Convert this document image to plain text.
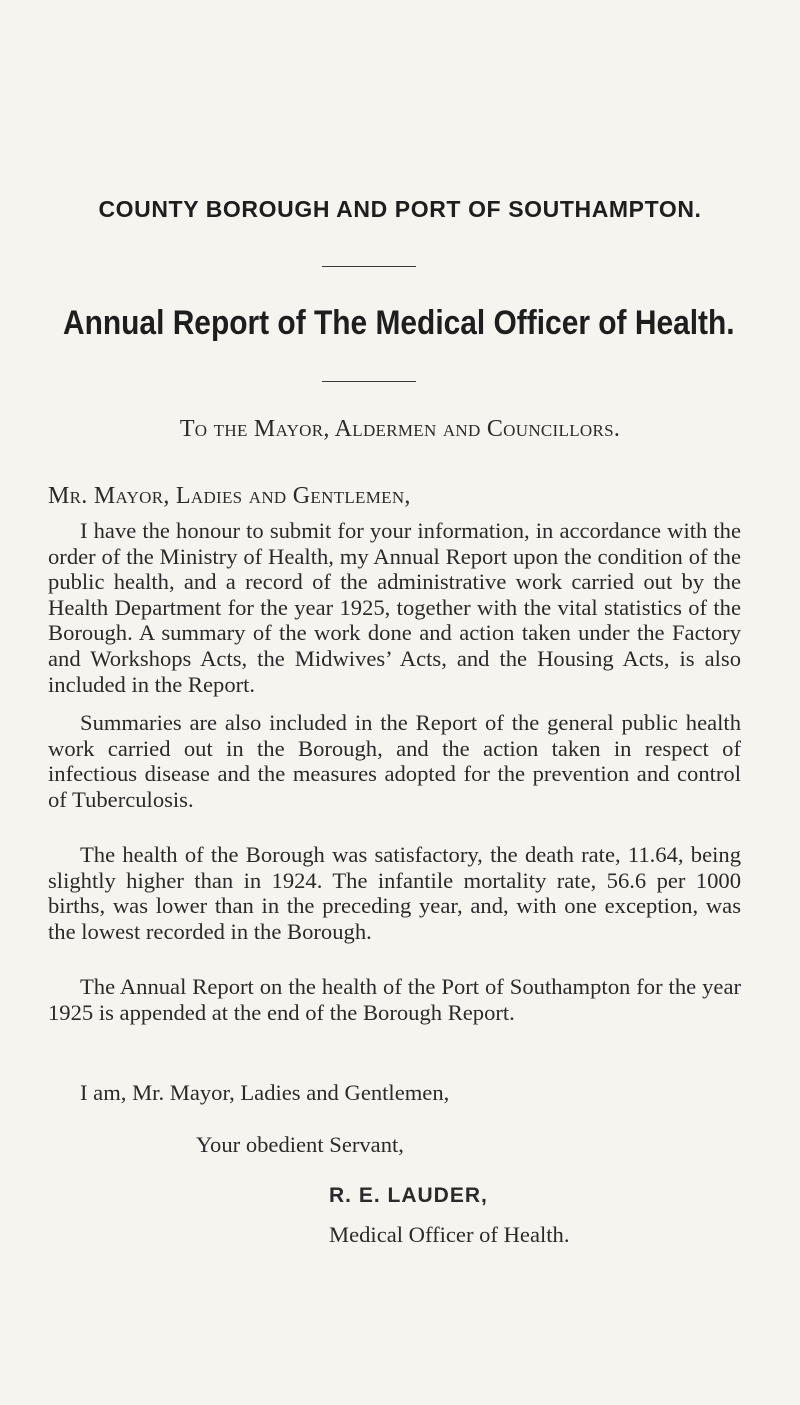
COUNTY BOROUGH AND PORT OF SOUTHAMPTON.
Annual Report of The Medical Officer of Health.
To the Mayor, Aldermen and Councillors.
Mr. Mayor, Ladies and Gentlemen,

I have the honour to submit for your information, in accordance with the order of the Ministry of Health, my Annual Report upon the condition of the public health, and a record of the administrative work carried out by the Health Department for the year 1925, together with the vital statistics of the Borough. A summary of the work done and action taken under the Factory and Workshops Acts, the Midwives’ Acts, and the Housing Acts, is also included in the Report.

Summaries are also included in the Report of the general public health work carried out in the Borough, and the action taken in respect of infectious disease and the measures adopted for the prevention and control of Tuberculosis.

The health of the Borough was satisfactory, the death rate, 11.64, being slightly higher than in 1924. The infantile mortality rate, 56.6 per 1000 births, was lower than in the preceding year, and, with one exception, was the lowest recorded in the Borough.

The Annual Report on the health of the Port of Southampton for the year 1925 is appended at the end of the Borough Report.

I am, Mr. Mayor, Ladies and Gentlemen,
Your obedient Servant,
R. E. LAUDER,
Medical Officer of Health.
